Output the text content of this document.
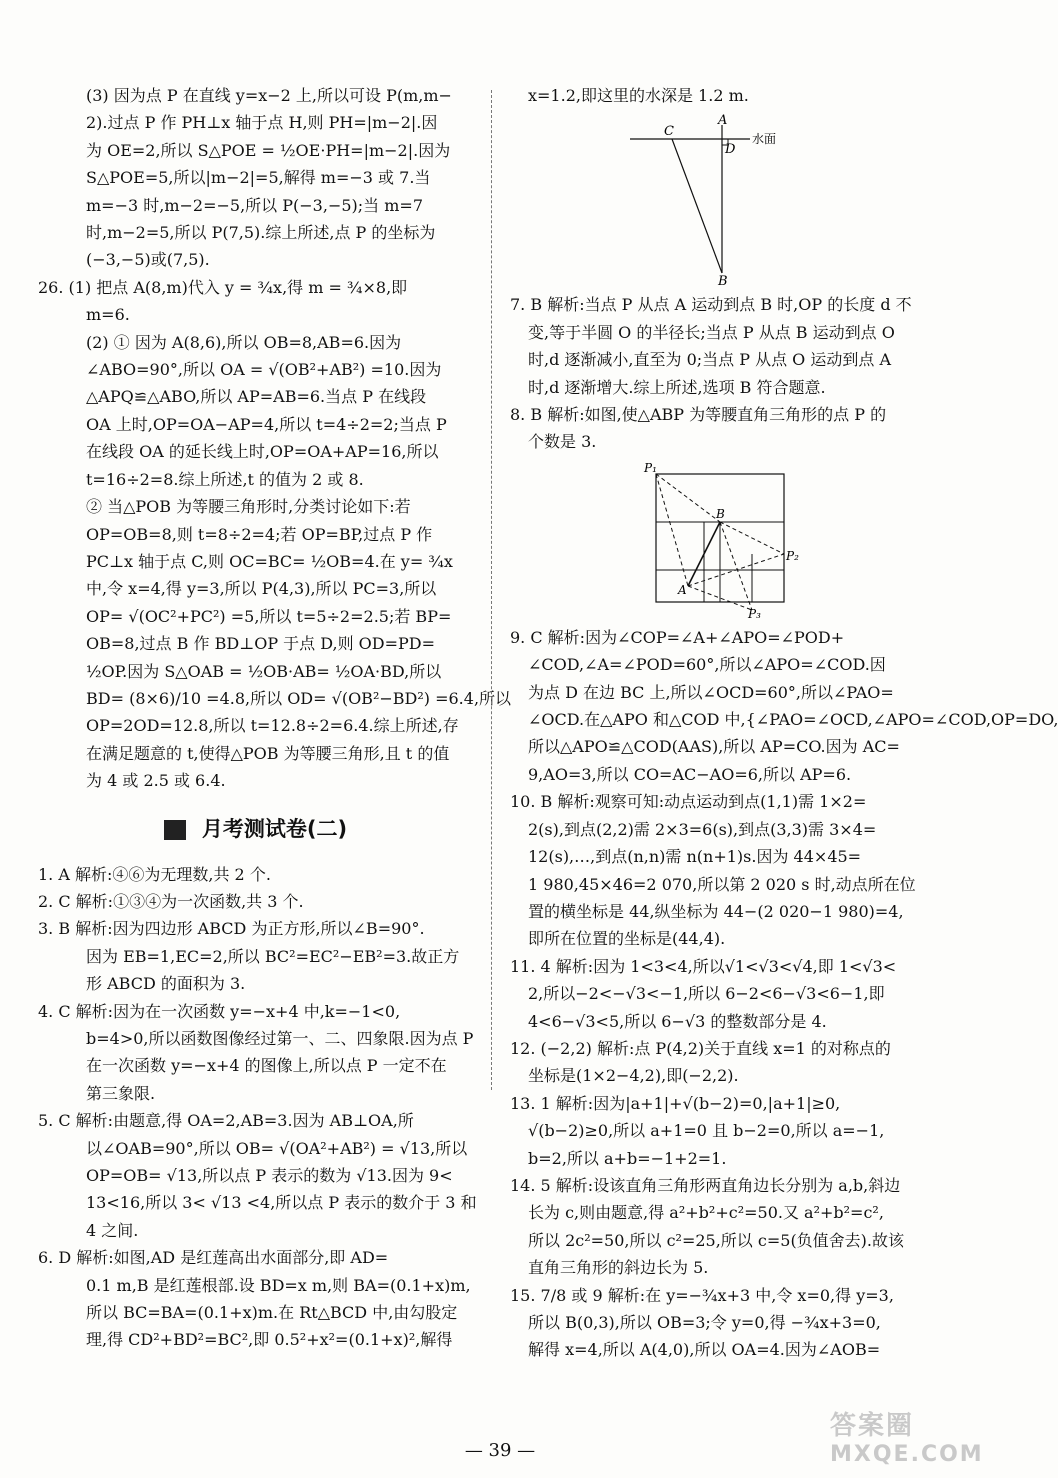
(3) 因为点 P 在直线 y=x−2 上,所以可设 P(m,m−
2).过点 P 作 PH⊥x 轴于点 H,则 PH=|m−2|.因
为 OE=2,所以 S△POE = ½OE·PH=|m−2|.因为
S△POE=5,所以|m−2|=5,解得 m=−3 或 7.当
m=−3 时,m−2=−5,所以 P(−3,−5);当 m=7
时,m−2=5,所以 P(7,5).综上所述,点 P 的坐标为
(−3,−5)或(7,5).
26. (1) 把点 A(8,m)代入 y = ¾x,得 m = ¾×8,即
m=6.
(2) ① 因为 A(8,6),所以 OB=8,AB=6.因为
∠ABO=90°,所以 OA = √(OB²+AB²) =10.因为
△APQ≌△ABO,所以 AP=AB=6.当点 P 在线段
OA 上时,OP=OA−AP=4,所以 t=4÷2=2;当点 P
在线段 OA 的延长线上时,OP=OA+AP=16,所以
t=16÷2=8.综上所述,t 的值为 2 或 8.
② 当△POB 为等腰三角形时,分类讨论如下:若
OP=OB=8,则 t=8÷2=4;若 OP=BP,过点 P 作
PC⊥x 轴于点 C,则 OC=BC= ½OB=4.在 y= ¾x
中,令 x=4,得 y=3,所以 P(4,3),所以 PC=3,所以
OP= √(OC²+PC²) =5,所以 t=5÷2=2.5;若 BP=
OB=8,过点 B 作 BD⊥OP 于点 D,则 OD=PD=
½OP.因为 S△OAB = ½OB·AB= ½OA·BD,所以
BD= (8×6)/10 =4.8,所以 OD= √(OB²−BD²) =6.4,所以
OP=2OD=12.8,所以 t=12.8÷2=6.4.综上所述,存
在满足题意的 t,使得△POB 为等腰三角形,且 t 的值
为 4 或 2.5 或 6.4.
月考测试卷(二)
1. A 解析:④⑥为无理数,共 2 个.
2. C 解析:①③④为一次函数,共 3 个.
3. B 解析:因为四边形 ABCD 为正方形,所以∠B=90°.
因为 EB=1,EC=2,所以 BC²=EC²−EB²=3.故正方
形 ABCD 的面积为 3.
4. C 解析:因为在一次函数 y=−x+4 中,k=−1<0,
b=4>0,所以函数图像经过第一、二、四象限.因为点 P
在一次函数 y=−x+4 的图像上,所以点 P 一定不在
第三象限.
5. C 解析:由题意,得 OA=2,AB=3.因为 AB⊥OA,所
以∠OAB=90°,所以 OB= √(OA²+AB²) = √13,所以
OP=OB= √13,所以点 P 表示的数为 √13.因为 9<
13<16,所以 3< √13 <4,所以点 P 表示的数介于 3 和
4 之间.
6. D 解析:如图,AD 是红莲高出水面部分,即 AD=
0.1 m,B 是红莲根部.设 BD=x m,则 BA=(0.1+x)m,
所以 BC=BA=(0.1+x)m.在 Rt△BCD 中,由勾股定
理,得 CD²+BD²=BC²,即 0.5²+x²=(0.1+x)²,解得
x=1.2,即这里的水深是 1.2 m.
A
C
D
B
水面
7. B 解析:当点 P 从点 A 运动到点 B 时,OP 的长度 d 不
变,等于半圆 O 的半径长;当点 P 从点 B 运动到点 O
时,d 逐渐减小,直至为 0;当点 P 从点 O 运动到点 A
时,d 逐渐增大.综上所述,选项 B 符合题意.
8. B 解析:如图,使△ABP 为等腰直角三角形的点 P 的
个数是 3.
P₁
B
P₂
A
P₃
9. C 解析:因为∠COP=∠A+∠APO=∠POD+
∠COD,∠A=∠POD=60°,所以∠APO=∠COD.因
为点 D 在边 BC 上,所以∠OCD=60°,所以∠PAO=
∠OCD.在△APO 和△COD 中,{∠PAO=∠OCD,∠APO=∠COD,OP=DO,
所以△APO≌△COD(AAS),所以 AP=CO.因为 AC=
9,AO=3,所以 CO=AC−AO=6,所以 AP=6.
10. B 解析:观察可知:动点运动到点(1,1)需 1×2=
2(s),到点(2,2)需 2×3=6(s),到点(3,3)需 3×4=
12(s),…,到点(n,n)需 n(n+1)s.因为 44×45=
1 980,45×46=2 070,所以第 2 020 s 时,动点所在位
置的横坐标是 44,纵坐标为 44−(2 020−1 980)=4,
即所在位置的坐标是(44,4).
11. 4 解析:因为 1<3<4,所以√1<√3<√4,即 1<√3<
2,所以−2<−√3<−1,所以 6−2<6−√3<6−1,即
4<6−√3<5,所以 6−√3 的整数部分是 4.
12. (−2,2) 解析:点 P(4,2)关于直线 x=1 的对称点的
坐标是(1×2−4,2),即(−2,2).
13. 1 解析:因为|a+1|+√(b−2)=0,|a+1|≥0,
√(b−2)≥0,所以 a+1=0 且 b−2=0,所以 a=−1,
b=2,所以 a+b=−1+2=1.
14. 5 解析:设该直角三角形两直角边长分别为 a,b,斜边
长为 c,则由题意,得 a²+b²+c²=50.又 a²+b²=c²,
所以 2c²=50,所以 c²=25,所以 c=5(负值舍去).故该
直角三角形的斜边长为 5.
15. 7/8 或 9 解析:在 y=−¾x+3 中,令 x=0,得 y=3,
所以 B(0,3),所以 OB=3;令 y=0,得 −¾x+3=0,
解得 x=4,所以 A(4,0),所以 OA=4.因为∠AOB=
— 39 —
答案圈
MXQE.COM
